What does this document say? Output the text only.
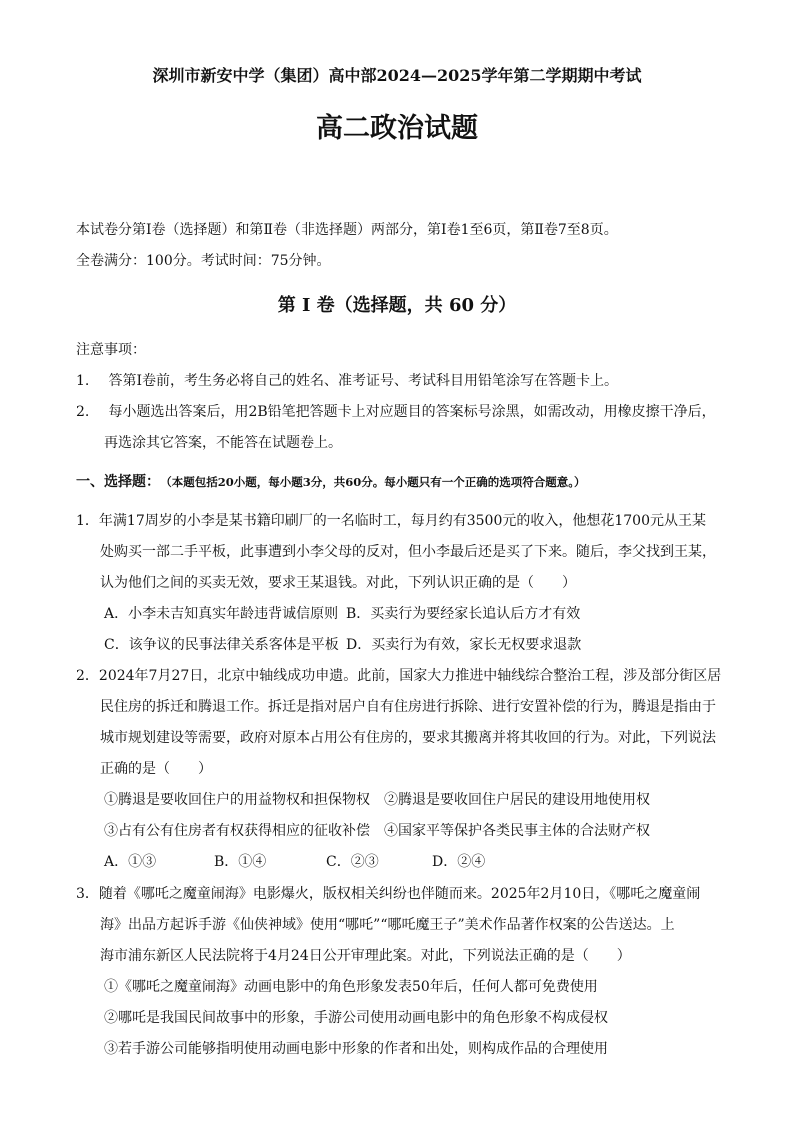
深圳市新安中学（集团）高中部2024—2025学年第二学期期中考试
高二政治试题
本试卷分第Ⅰ卷（选择题）和第Ⅱ卷（非选择题）两部分，第Ⅰ卷1至6页，第Ⅱ卷7至8页。
全卷满分：100分。考试时间：75分钟。
第 Ⅰ 卷（选择题，共 60 分）
注意事项：
1. 答第Ⅰ卷前，考生务必将自己的姓名、准考证号、考试科目用铅笔涂写在答题卡上。
2. 每小题选出答案后，用2B铅笔把答题卡上对应题目的答案标号涂黑，如需改动，用橡皮擦干净后，
再选涂其它答案，不能答在试题卷上。
一、选择题： （本题包括20小题，每小题3分，共60分。每小题只有一个正确的选项符合题意。）
1．年满17周岁的小李是某书籍印刷厂的一名临时工，每月约有3500元的收入，他想花1700元从王某
处购买一部二手平板，此事遭到小李父母的反对，但小李最后还是买了下来。随后，李父找到王某，
认为他们之间的买卖无效，要求王某退钱。对此，下列认识正确的是（　　）
A．小李未吉知真实年龄违背诚信原则 B．买卖行为要经家长追认后方才有效
C．该争议的民事法律关系客体是平板 D．买卖行为有效，家长无权要求退款
2．2024年7月27日，北京中轴线成功申遗。此前，国家大力推进中轴线综合整治工程，涉及部分街区居
民住房的拆迁和腾退工作。拆迁是指对居户自有住房进行拆除、进行安置补偿的行为，腾退是指由于
城市规划建设等需要，政府对原本占用公有住房的，要求其搬离并将其收回的行为。对此，下列说法
正确的是（　　）
①腾退是要收回住户的用益物权和担保物权 ②腾退是要收回住户居民的建设用地使用权
③占有公有住房者有权获得相应的征收补偿 ④国家平等保护各类民事主体的合法财产权
A．①③	B．①④	C．②③	D．②④
3．随着《哪吒之魔童闹海》电影爆火，版权相关纠纷也伴随而来。2025年2月10日，《哪吒之魔童闹
海》出品方起诉手游《仙侠神域》使用“哪吒”“哪吒魔王子”美术作品著作权案的公告送达。上
海市浦东新区人民法院将于4月24日公开审理此案。对此，下列说法正确的是（　　）
①《哪吒之魔童闹海》动画电影中的角色形象发表50年后，任何人都可免费使用
②哪吒是我国民间故事中的形象，手游公司使用动画电影中的角色形象不构成侵权
③若手游公司能够指明使用动画电影中形象的作者和出处，则构成作品的合理使用
